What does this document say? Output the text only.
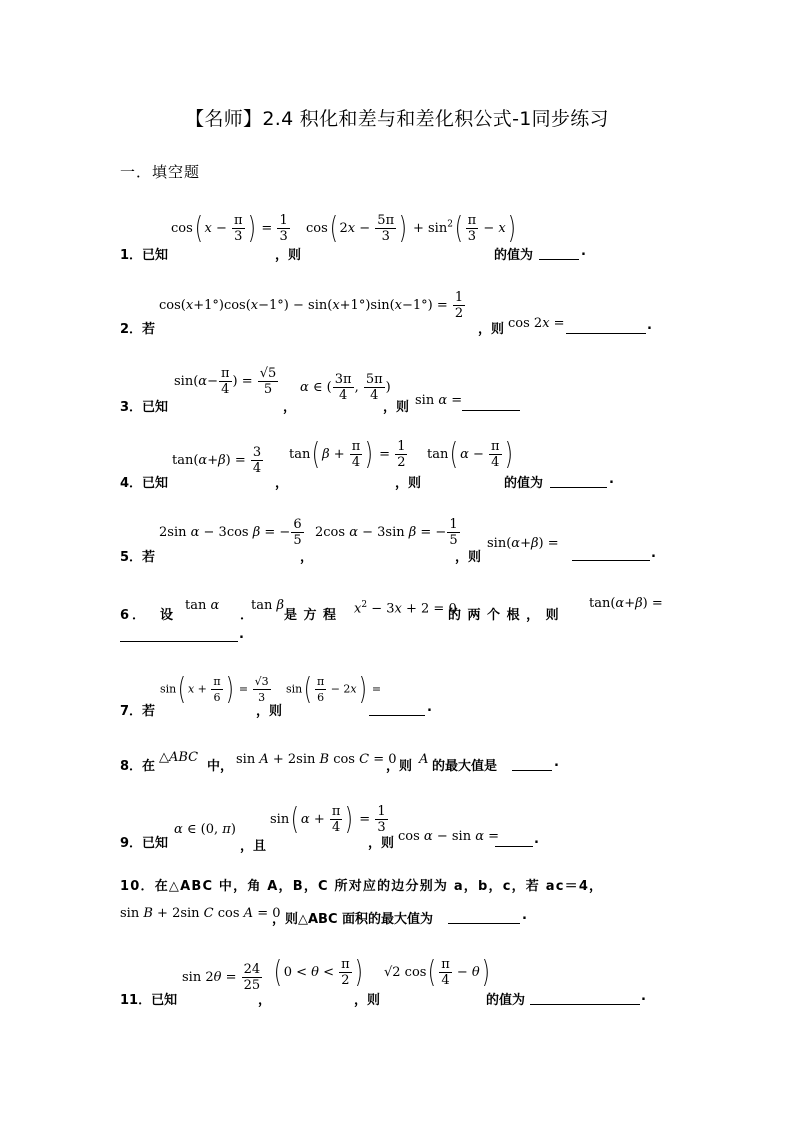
【名师】2.4 积化和差与和差化积公式-1同步练习
一．填空题
1．已知
cos( $x - \frac{\pi}{3}$ ) = $\frac{1}{3}$
，则
cos( $2x - \frac{5\pi}{3}$ ) + $\sin^2( \frac{\pi}{3} - x)$
的值为	.
2．若
$\cos(x+1^\circ)\cos(x-1^\circ) - \sin(x+1^\circ)\sin(x-1^\circ) = \frac{1}{2}$
，则 cos 2x =	.
3．已知
$\sin(\alpha- \frac{\pi}{4}$ ) = $\frac{√5}{5}$
，
α ∈ ( $\frac{3\pi}{4}$ , $\frac{5\pi}{4}$ )
，则 sin α =
4．已知
$\tan(\alpha+\beta) = \frac{3}{4}$
，
tan( $\beta + \frac{\pi}{4}$ ) = $\frac{1}{2}$
，则
tan( $\alpha - \frac{\pi}{4}$ )
的值为	.
5．若
2sin α − 3cos β = − $\frac{6}{5}$
，
2cos α − 3sin β = − $\frac{1}{5}$
，则
sin(α+β) =
.
6． 设
tan α
．
tan β
是 方 程 $x^2 - 3x + 2 = 0$
的 两 个 根 ， 则
tan(α+β) =
.
7．若
sin( $x + \frac{\pi}{6}$ ) = $\frac{√3}{3}$
，则
$\sin( \frac{\pi}{6} - 2x)$ =
.
8．在
△ABC
中， sin A + 2sin B cos C = 0
，则 A 的最大值是	.
9．已知
α ∈ (0, π)
，且
sin( $\alpha + \frac{\pi}{4}$ ) = $\frac{1}{3}$
，则 cos α − sin α =	.
10．在△ABC 中，角 A，B，C 所对应的边分别为 a，b，c，若 ac＝4，
sin B + 2sin C cos A = 0
，则△ABC 面积的最大值为	.
11．已知
$\sin 2\theta = \frac{24}{25}$
，
( $0 < \theta < \frac{\pi}{2}$ )
，则
√2 $\cos( \frac{\pi}{4} - \theta)$
的值为	.
